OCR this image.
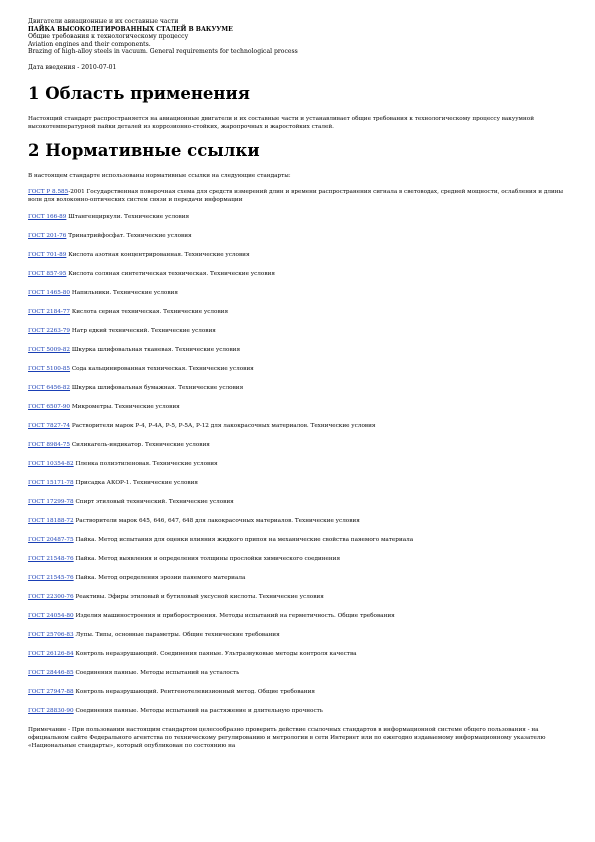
Двигатели авиационные и их составные части
ПАЙКА ВЫСОКОЛЕГИРОВАННЫХ СТАЛЕЙ В ВАКУУМЕ
Общие требования к технологическому процессу
Aviation engines and their components.
Brazing of high-alloy steels in vacuum. General requirements for technological process
Дата введения - 2010-07-01
1 Область применения
Настоящий стандарт распространяется на авиационные двигатели и их составные части и устанавливает общие требования к технологическому процессу вакуумной высокотемпературной пайки деталей из коррозионно-стойких, жаропрочных и жаростойких сталей.
2 Нормативные ссылки
В настоящем стандарте использованы нормативные ссылки на следующие стандарты:
ГОСТ Р 8.585-2001 Государственная поверочная схема для средств измерений длин и времени распространения сигнала в световодах, средней мощности, ослабления и длины волн для волоконно-оптических систем связи и передачи информации
ГОСТ 166-89 Штангенциркули. Технические условия
ГОСТ 201-76 Тринатрийфосфат. Технические условия
ГОСТ 701-89 Кислота азотная концентрированная. Технические условия
ГОСТ 857-95 Кислота соляная синтетическая техническая. Технические условия
ГОСТ 1465-80 Напильники. Технические условия
ГОСТ 2184-77 Кислота серная техническая. Технические условия
ГОСТ 2263-79 Натр едкий технический. Технические условия
ГОСТ 5009-82 Шкурка шлифовальная тканевая. Технические условия
ГОСТ 5100-85 Сода кальцинированная техническая. Технические условия
ГОСТ 6456-82 Шкурка шлифовальная бумажная. Технические условия
ГОСТ 6507-90 Микрометры. Технические условия
ГОСТ 7827-74 Растворители марок Р-4, Р-4А, Р-5, Р-5А, Р-12 для лакокрасочных материалов. Технические условия
ГОСТ 8984-75 Силикагель-индикатор. Технические условия
ГОСТ 10354-82 Пленка полиэтиленовая. Технические условия
ГОСТ 15171-78 Присадка АКОР-1. Технические условия
ГОСТ 17299-78 Спирт этиловый технический. Технические условия
ГОСТ 18188-72 Растворители марок 645, 646, 647, 648 для лакокрасочных материалов. Технические условия
ГОСТ 20487-75 Пайка. Метод испытания для оценки влияния жидкого припоя на механические свойства паяемого материала
ГОСТ 21548-76 Пайка. Метод выявления и определения толщины прослойки химического соединения
ГОСТ 21545-76 Пайка. Метод определения эрозии паяемого материала
ГОСТ 22300-76 Реактивы. Эфиры этиловый и бутиловый уксусной кислоты. Технические условия
ГОСТ 24054-80 Изделия машиностроения и приборостроения. Методы испытаний на герметичность. Общие требования
ГОСТ 25706-83 Лупы. Типы, основные параметры. Общие технические требования
ГОСТ 26126-84 Контроль неразрушающий. Соединения паяные. Ультразвуковые методы контроля качества
ГОСТ 28446-85 Соединения паяные. Методы испытаний на усталость
ГОСТ 27947-88 Контроль неразрушающий. Рентгенотелевизионный метод. Общие требования
ГОСТ 28830-90 Соединения паяные. Методы испытаний на растяжение и длительную прочность
Примечание - При пользовании настоящим стандартом целесообразно проверить действие ссылочных стандартов в информационной системе общего пользования - на официальном сайте Федерального агентства по техническому регулированию и метрологии в сети Интернет или по ежегодно издаваемому информационному указателю «Национальные стандарты», который опубликован по состоянию на
